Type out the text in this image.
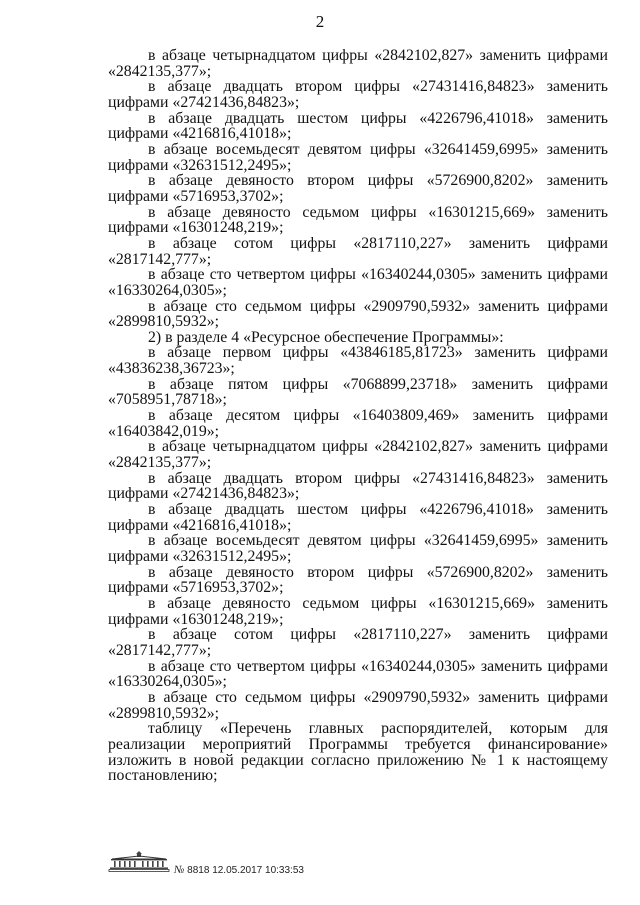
2

в абзаце четырнадцатом цифры «2842102,827» заменить цифрами «2842135,377»;

в абзаце двадцать втором цифры «27431416,84823» заменить цифрами «27421436,84823»;

в абзаце двадцать шестом цифры «4226796,41018» заменить цифрами «4216816,41018»;

в абзаце восемьдесят девятом цифры «32641459,6995» заменить цифрами «32631512,2495»;

в абзаце девяносто втором цифры «5726900,8202» заменить цифрами «5716953,3702»;

в абзаце девяносто седьмом цифры «16301215,669» заменить цифрами «16301248,219»;

в абзаце сотом цифры «2817110,227» заменить цифрами «2817142,777»;

в абзаце сто четвертом цифры «16340244,0305» заменить цифрами «16330264,0305»;

в абзаце сто седьмом цифры «2909790,5932» заменить цифрами «2899810,5932»;

2) в разделе 4 «Ресурсное обеспечение Программы»:

в абзаце первом цифры «43846185,81723» заменить цифрами «43836238,36723»;

в абзаце пятом цифры «7068899,23718» заменить цифрами «7058951,78718»;

в абзаце десятом цифры «16403809,469» заменить цифрами «16403842,019»;

в абзаце четырнадцатом цифры «2842102,827» заменить цифрами «2842135,377»;

в абзаце двадцать втором цифры «27431416,84823» заменить цифрами «27421436,84823»;

в абзаце двадцать шестом цифры «4226796,41018» заменить цифрами «4216816,41018»;

в абзаце восемьдесят девятом цифры «32641459,6995» заменить цифрами «32631512,2495»;

в абзаце девяносто втором цифры «5726900,8202» заменить цифрами «5716953,3702»;

в абзаце девяносто седьмом цифры «16301215,669» заменить цифрами «16301248,219»;

в абзаце сотом цифры «2817110,227» заменить цифрами «2817142,777»;

в абзаце сто четвертом цифры «16340244,0305» заменить цифрами «16330264,0305»;

в абзаце сто седьмом цифры «2909790,5932» заменить цифрами «2899810,5932»;

таблицу «Перечень главных распорядителей, которым для реализации мероприятий Программы требуется финансирование» изложить в новой редакции согласно приложению № 1 к настоящему постановлению;

№ 8818 12.05.2017 10:33:53
